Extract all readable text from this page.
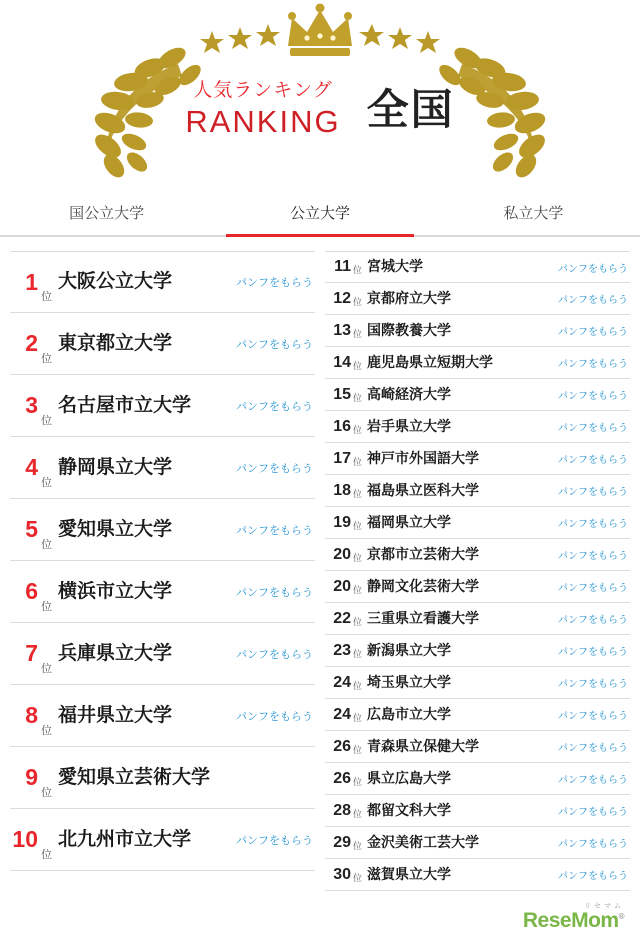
人気ランキング
RANKING 全国
国公立大学	公立大学	私立大学
1
位
大阪公立大学	パンフをもらう
2
位
東京都立大学	パンフをもらう
3
位
名古屋市立大学	パンフをもらう
4
位
静岡県立大学	パンフをもらう
5
位
愛知県立大学	パンフをもらう
6
位
横浜市立大学	パンフをもらう
7
位
兵庫県立大学	パンフをもらう
8
位
福井県立大学	パンフをもらう
9
位
愛知県立芸術大学
10
位
北九州市立大学	パンフをもらう
11 位 宮城大学	パンフをもらう
12 位 京都府立大学	パンフをもらう
13 位 国際教養大学	パンフをもらう
14 位 鹿児島県立短期大学	パンフをもらう
15 位 高崎経済大学	パンフをもらう
16 位 岩手県立大学	パンフをもらう
17 位 神戸市外国語大学	パンフをもらう
18 位 福島県立医科大学	パンフをもらう
19 位 福岡県立大学	パンフをもらう
20 位 京都市立芸術大学	パンフをもらう
20 位 静岡文化芸術大学	パンフをもらう
22 位 三重県立看護大学	パンフをもらう
23 位 新潟県立大学	パンフをもらう
24 位 埼玉県立大学	パンフをもらう
24 位 広島市立大学	パンフをもらう
26 位 青森県立保健大学	パンフをもらう
26 位 県立広島大学	パンフをもらう
28 位 都留文科大学	パンフをもらう
29 位 金沢美術工芸大学	パンフをもらう
30 位 滋賀県立大学	パンフをもらう
リセマム
ReseMom®
